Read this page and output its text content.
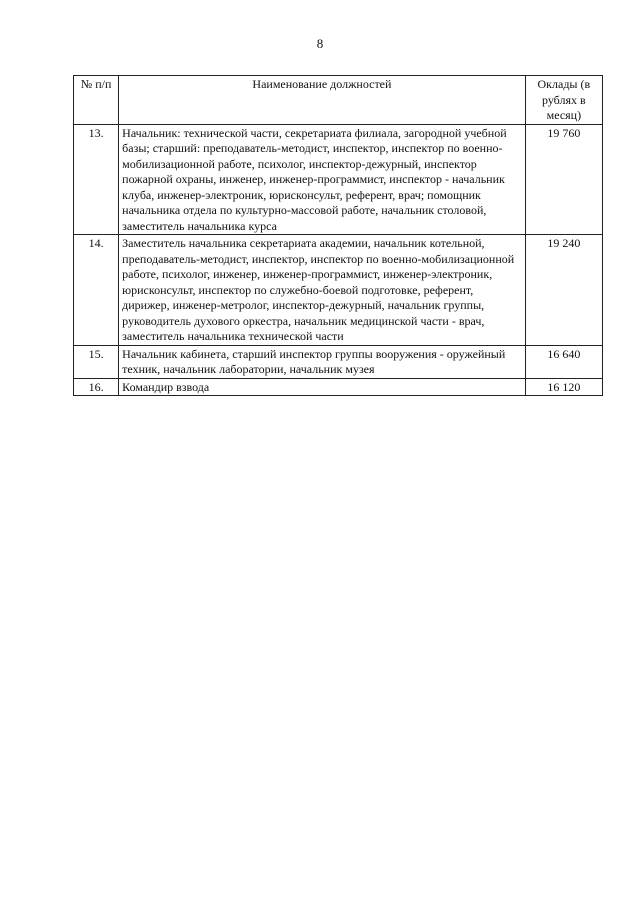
8
№ п/п	Наименование должностей	Оклады (в рублях в месяц)
13.	Начальник: технической части, секретариата филиала, загородной учебной базы; старший: преподаватель-методист, инспектор, инспектор по военно-мобилизационной работе, психолог, инспектор-дежурный, инспектор пожарной охраны, инженер, инженер-программист, инспектор - начальник клуба, инженер-электроник, юрисконсульт, референт, врач; помощник начальника отдела по культурно-массовой работе, начальник столовой, заместитель начальника курса	19 760
14.	Заместитель начальника секретариата академии, начальник котельной, преподаватель-методист, инспектор, инспектор по военно-мобилизационной работе, психолог, инженер, инженер-программист, инженер-электроник, юрисконсульт, инспектор по служебно-боевой подготовке, референт, дирижер, инженер-метролог, инспектор-дежурный, начальник группы, руководитель духового оркестра, начальник медицинской части - врач, заместитель начальника технической части	19 240
15.	Начальник кабинета, старший инспектор группы вооружения - оружейный техник, начальник лаборатории, начальник музея	16 640
16.	Командир взвода	16 120
